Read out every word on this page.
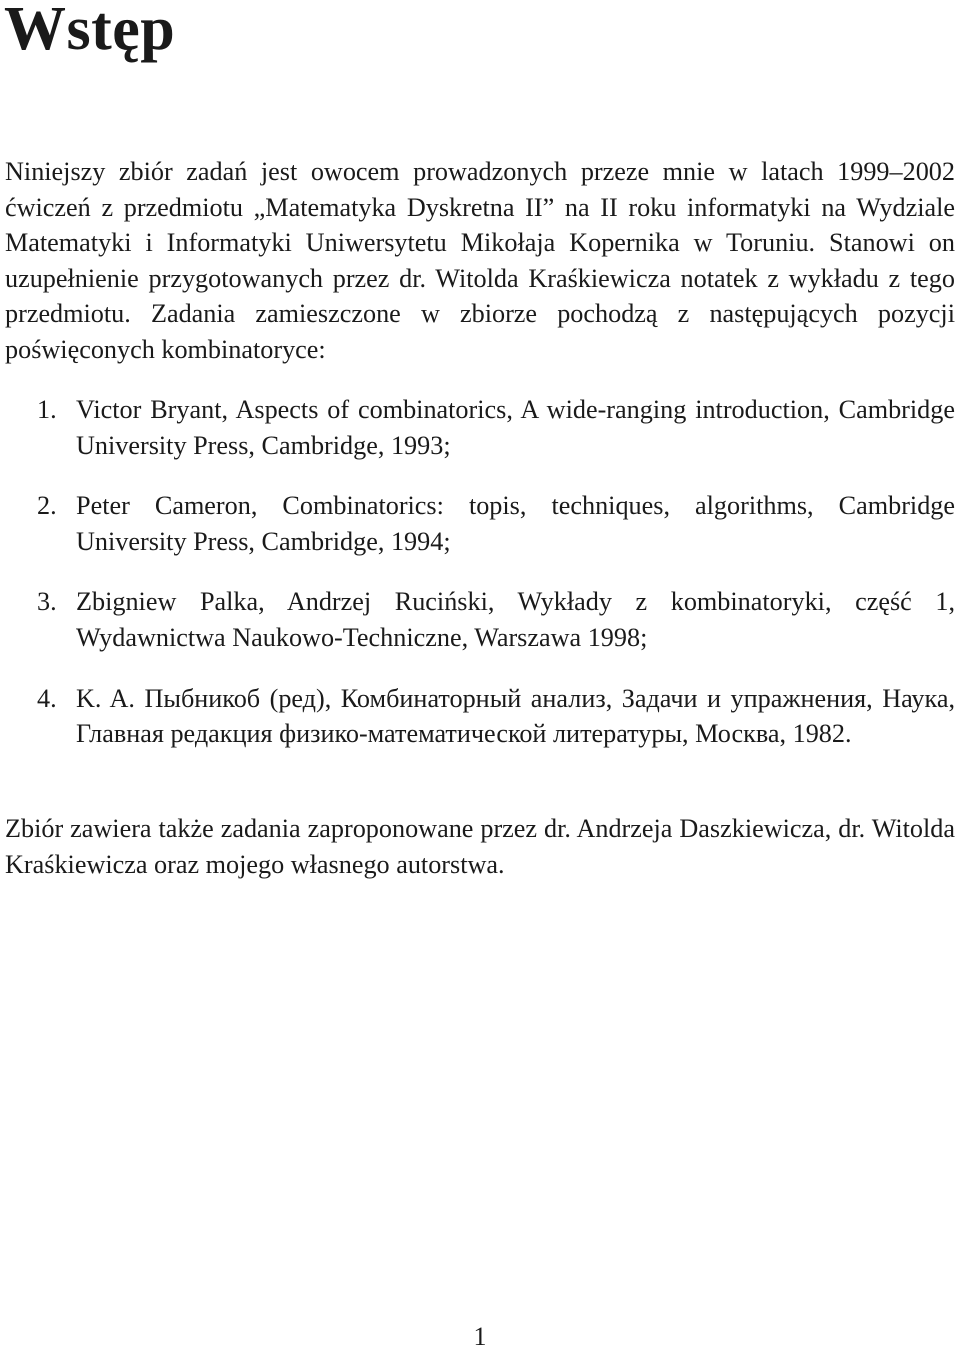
Wstęp

Niniejszy zbiór zadań jest owocem prowadzonych przeze mnie w latach 1999–2002 ćwiczeń z przedmiotu „Matematyka Dyskretna II” na II roku informatyki na Wydziale Matematyki i Informatyki Uniwersytetu Mikołaja Kopernika w Toruniu. Stanowi on uzupełnienie przygotowanych przez dr. Witolda Kraśkiewicza notatek z wykładu z tego przedmiotu. Zadania zamieszczone w zbiorze pochodzą z następujących pozycji poświęconych kombinatoryce:

1. Victor Bryant, Aspects of combinatorics, A wide-ranging introduction, Cambridge University Press, Cambridge, 1993;
2. Peter Cameron, Combinatorics: topis, techniques, algorithms, Cambridge University Press, Cambridge, 1994;
3. Zbigniew Palka, Andrzej Ruciński, Wykłady z kombinatoryki, część 1, Wydawnictwa Naukowo-Techniczne, Warszawa 1998;
4. K. A. Пыбникоб (ред), Комбинаторный анализ, Задачи и упражнения, Наука, Главная редакция физико-математической литературы, Москва, 1982.

Zbiór zawiera także zadania zaproponowane przez dr. Andrzeja Daszkiewicza, dr. Witolda Kraśkiewicza oraz mojego własnego autorstwa.

1
